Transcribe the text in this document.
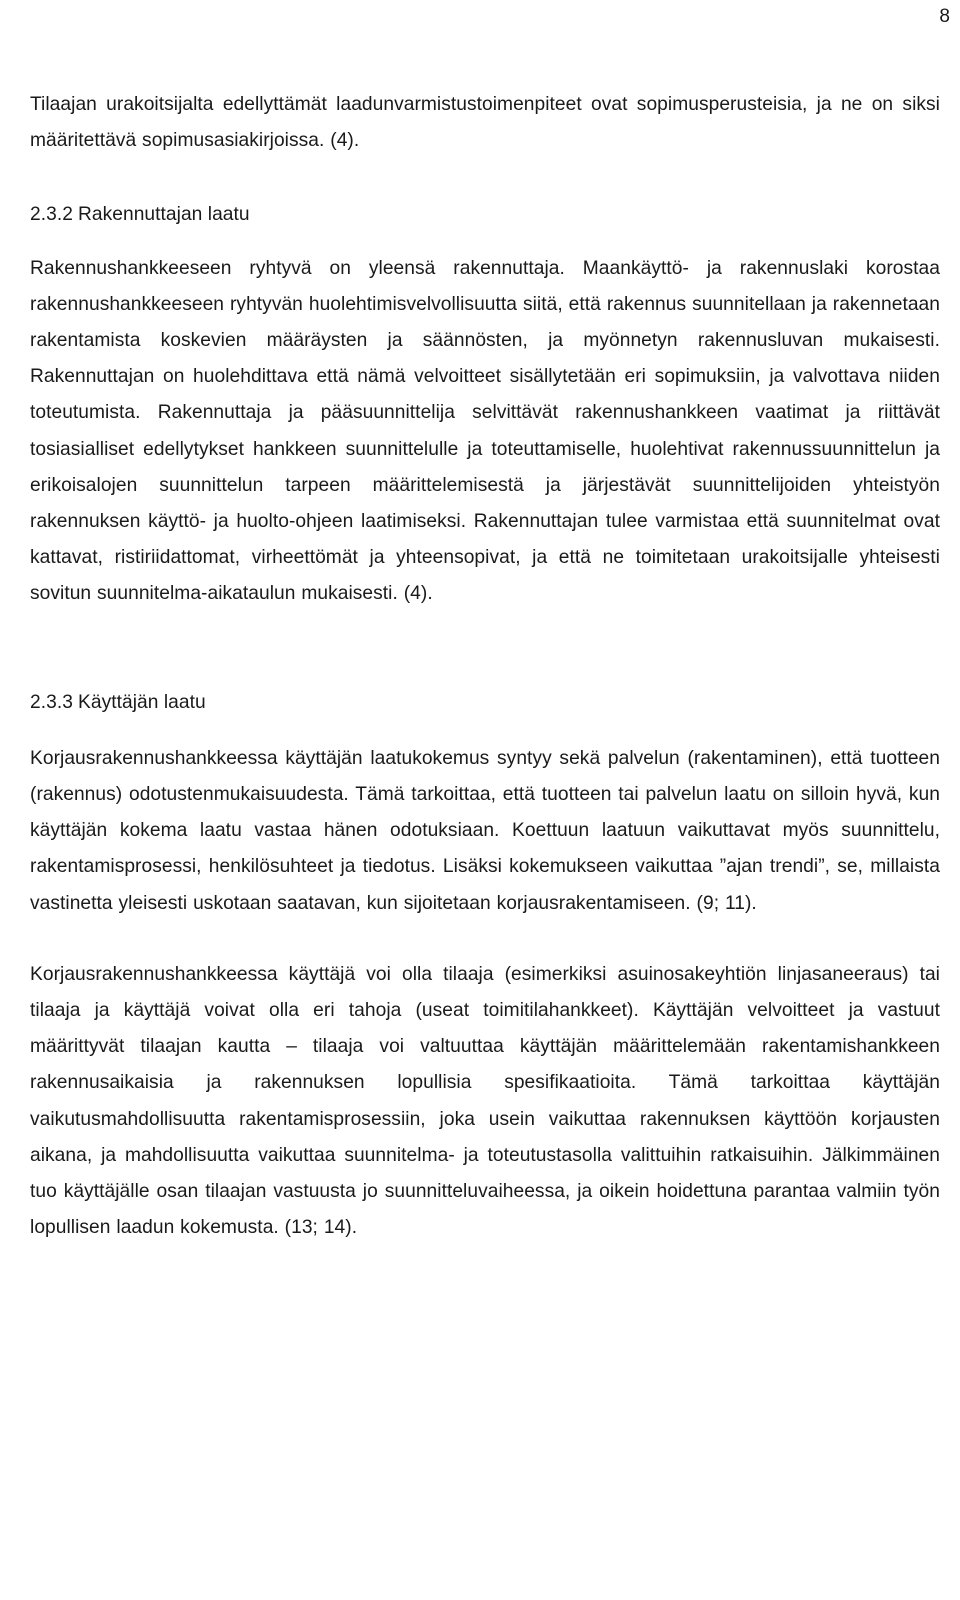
8

Tilaajan urakoitsijalta edellyttämät laadunvarmistustoimenpiteet ovat sopimusperusteisia, ja ne on siksi määritettävä sopimusasiakirjoissa. (4).

2.3.2 Rakennuttajan laatu

Rakennushankkeeseen ryhtyvä on yleensä rakennuttaja. Maankäyttö- ja rakennuslaki korostaa rakennushankkeeseen ryhtyvän huolehtimisvelvollisuutta siitä, että rakennus suunnitellaan ja rakennetaan rakentamista koskevien määräysten ja säännösten, ja myönnetyn rakennusluvan mukaisesti. Rakennuttajan on huolehdittava että nämä velvoitteet sisällytetään eri sopimuksiin, ja valvottava niiden toteutumista. Rakennuttaja ja pääsuunnittelija selvittävät rakennushankkeen vaatimat ja riittävät tosiasialliset edellytykset hankkeen suunnittelulle ja toteuttamiselle, huolehtivat rakennussuunnittelun ja erikoisalojen suunnittelun tarpeen määrittelemisestä ja järjestävät suunnittelijoiden yhteistyön rakennuksen käyttö- ja huolto-ohjeen laatimiseksi. Rakennuttajan tulee varmistaa että suunnitelmat ovat kattavat, ristiriidattomat, virheettömät ja yhteensopivat, ja että ne toimitetaan urakoitsijalle yhteisesti sovitun suunnitelma-aikataulun mukaisesti. (4).

2.3.3 Käyttäjän laatu

Korjausrakennushankkeessa käyttäjän laatukokemus syntyy sekä palvelun (rakentaminen), että tuotteen (rakennus) odotustenmukaisuudesta. Tämä tarkoittaa, että tuotteen tai palvelun laatu on silloin hyvä, kun käyttäjän kokema laatu vastaa hänen odotuksiaan. Koettuun laatuun vaikuttavat myös suunnittelu, rakentamisprosessi, henkilösuhteet ja tiedotus. Lisäksi kokemukseen vaikuttaa ”ajan trendi”, se, millaista vastinetta yleisesti uskotaan saatavan, kun sijoitetaan korjausrakentamiseen. (9; 11).

Korjausrakennushankkeessa käyttäjä voi olla tilaaja (esimerkiksi asuinosakeyhtiön linjasaneeraus) tai tilaaja ja käyttäjä voivat olla eri tahoja (useat toimitilahankkeet). Käyttäjän velvoitteet ja vastuut määrittyvät tilaajan kautta – tilaaja voi valtuuttaa käyttäjän määrittelemään rakentamishankkeen rakennusaikaisia ja rakennuksen lopullisia spesifikaatioita. Tämä tarkoittaa käyttäjän vaikutusmahdollisuutta rakentamisprosessiin, joka usein vaikuttaa rakennuksen käyttöön korjausten aikana, ja mahdollisuutta vaikuttaa suunnitelma- ja toteutustasolla valittuihin ratkaisuihin. Jälkimmäinen tuo käyttäjälle osan tilaajan vastuusta jo suunnitteluvaiheessa, ja oikein hoidettuna parantaa valmiin työn lopullisen laadun kokemusta. (13; 14).
